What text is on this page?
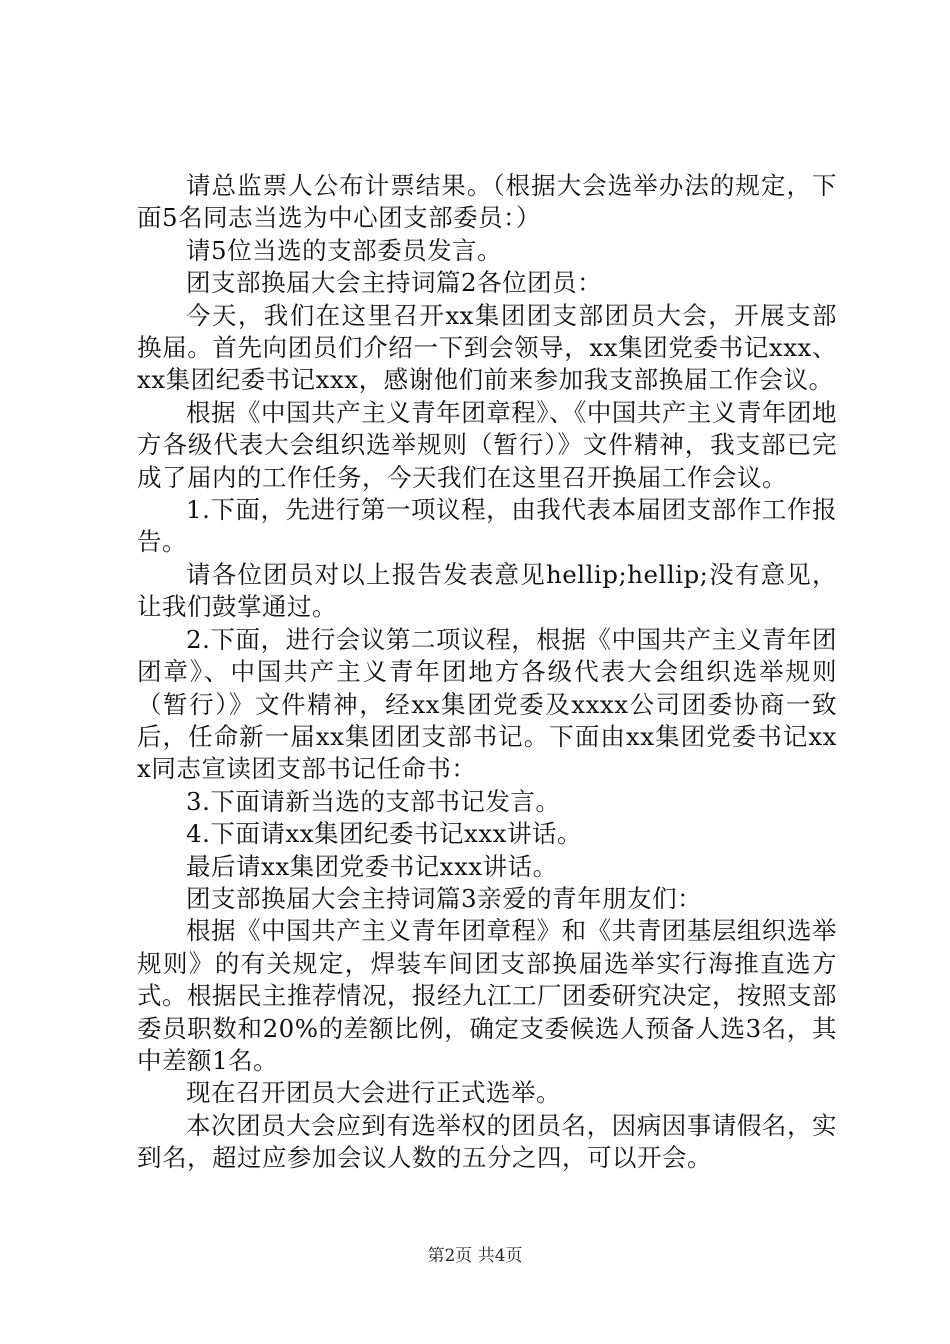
请总监票人公布计票结果。（根据大会选举办法的规定，下面5名同志当选为中心团支部委员：）

请5位当选的支部委员发言。

团支部换届大会主持词篇2各位团员：

今天，我们在这里召开xx集团团支部团员大会，开展支部换届。首先向团员们介绍一下到会领导，xx集团党委书记xxx、xx集团纪委书记xxx，感谢他们前来参加我支部换届工作会议。

根据《中国共产主义青年团章程》、《中国共产主义青年团地方各级代表大会组织选举规则（暂行）》文件精神，我支部已完成了届内的工作任务，今天我们在这里召开换届工作会议。

1.下面，先进行第一项议程，由我代表本届团支部作工作报告。

请各位团员对以上报告发表意见hellip;hellip;没有意见，让我们鼓掌通过。

2.下面，进行会议第二项议程，根据《中国共产主义青年团团章》、中国共产主义青年团地方各级代表大会组织选举规则（暂行）》文件精神，经xx集团党委及xxxx公司团委协商一致后，任命新一届xx集团团支部书记。下面由xx集团党委书记xxx同志宣读团支部书记任命书：

3.下面请新当选的支部书记发言。

4.下面请xx集团纪委书记xxx讲话。

最后请xx集团党委书记xxx讲话。

团支部换届大会主持词篇3亲爱的青年朋友们：

根据《中国共产主义青年团章程》和《共青团基层组织选举规则》的有关规定，焊装车间团支部换届选举实行海推直选方式。根据民主推荐情况，报经九江工厂团委研究决定，按照支部委员职数和20%的差额比例，确定支委候选人预备人选3名，其中差额1名。

现在召开团员大会进行正式选举。

本次团员大会应到有选举权的团员名，因病因事请假名，实到名，超过应参加会议人数的五分之四，可以开会。

第2页 共4页
